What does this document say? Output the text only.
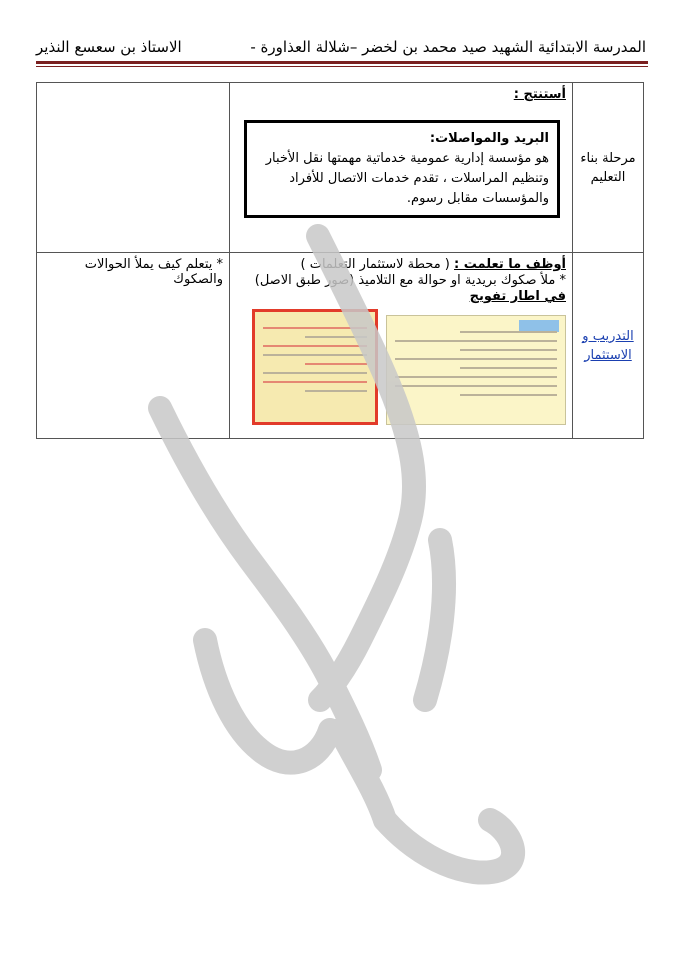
المدرسة الابتدائية الشهيد صيد محمد بن لخضر –شلالة العذاورة -
الاستاذ بن سعسع النذير
مرحلة بناء التعليم	أستنتج :
البريد والمواصلات:
هو مؤسسة إدارية عمومية خدماتية مهمتها نقل الأخبار
وتنظيم المراسلات ، تقدم خدمات الاتصال للأفراد
والمؤسسات مقابل رسوم.	

التدريب و الاستثمار	أوظف ما تعلمت : ( محطة لاستثمار التعلمات )
* ملأ صكوك بريدية او حوالة مع التلاميذ (صور طبق الاصل)
في اطار تفويج	* يتعلم كيف يملأ الحوالات والصكوك
